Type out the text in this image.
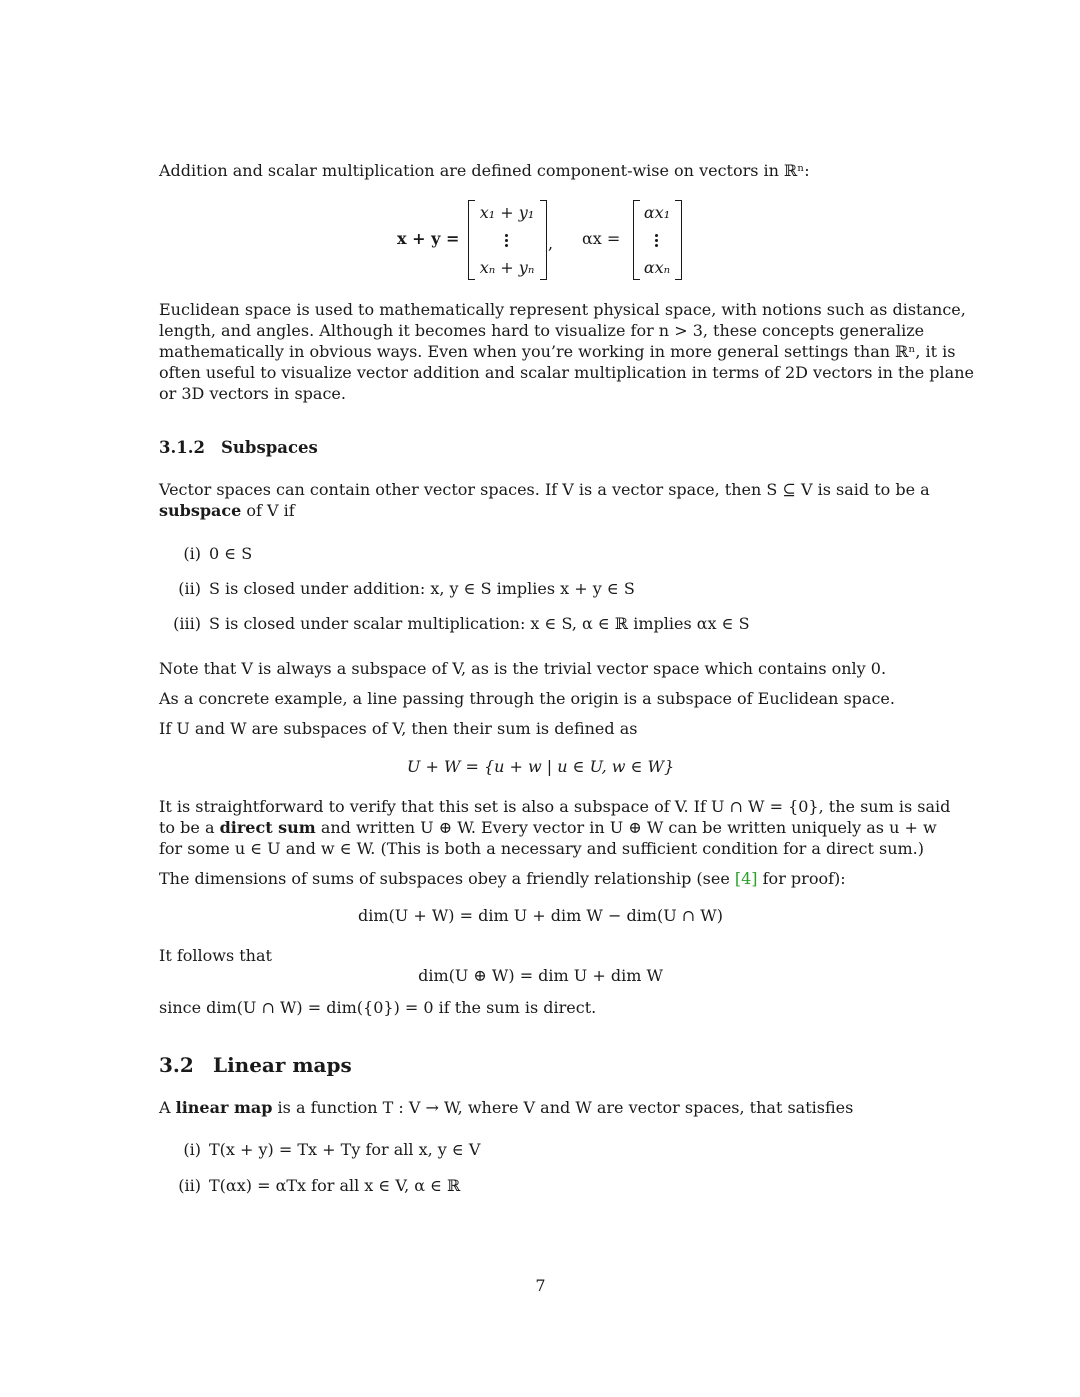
Addition and scalar multiplication are defined component-wise on vectors in ℝⁿ:
x + y =
x₁ + y₁
xₙ + yₙ
, αx =
αx₁
αxₙ
Euclidean space is used to mathematically represent physical space, with notions such as distance,
length, and angles. Although it becomes hard to visualize for n > 3, these concepts generalize
mathematically in obvious ways. Even when you’re working in more general settings than ℝⁿ, it is
often useful to visualize vector addition and scalar multiplication in terms of 2D vectors in the plane
or 3D vectors in space.
3.1.2 Subspaces
Vector spaces can contain other vector spaces. If V is a vector space, then S ⊆ V is said to be a
subspace of V if
(i) 0 ∈ S
(ii) S is closed under addition: x, y ∈ S implies x + y ∈ S
(iii) S is closed under scalar multiplication: x ∈ S, α ∈ ℝ implies αx ∈ S
Note that V is always a subspace of V, as is the trivial vector space which contains only 0.
As a concrete example, a line passing through the origin is a subspace of Euclidean space.
If U and W are subspaces of V, then their sum is defined as
U + W = {u + w | u ∈ U, w ∈ W}
It is straightforward to verify that this set is also a subspace of V. If U ∩ W = {0}, the sum is said
to be a direct sum and written U ⊕ W. Every vector in U ⊕ W can be written uniquely as u + w
for some u ∈ U and w ∈ W. (This is both a necessary and sufficient condition for a direct sum.)
The dimensions of sums of subspaces obey a friendly relationship (see [4] for proof):
dim(U + W) = dim U + dim W − dim(U ∩ W)
It follows that
dim(U ⊕ W) = dim U + dim W
since dim(U ∩ W) = dim({0}) = 0 if the sum is direct.
3.2 Linear maps
A linear map is a function T : V → W, where V and W are vector spaces, that satisfies
(i) T(x + y) = Tx + Ty for all x, y ∈ V
(ii) T(αx) = αTx for all x ∈ V, α ∈ ℝ
7
